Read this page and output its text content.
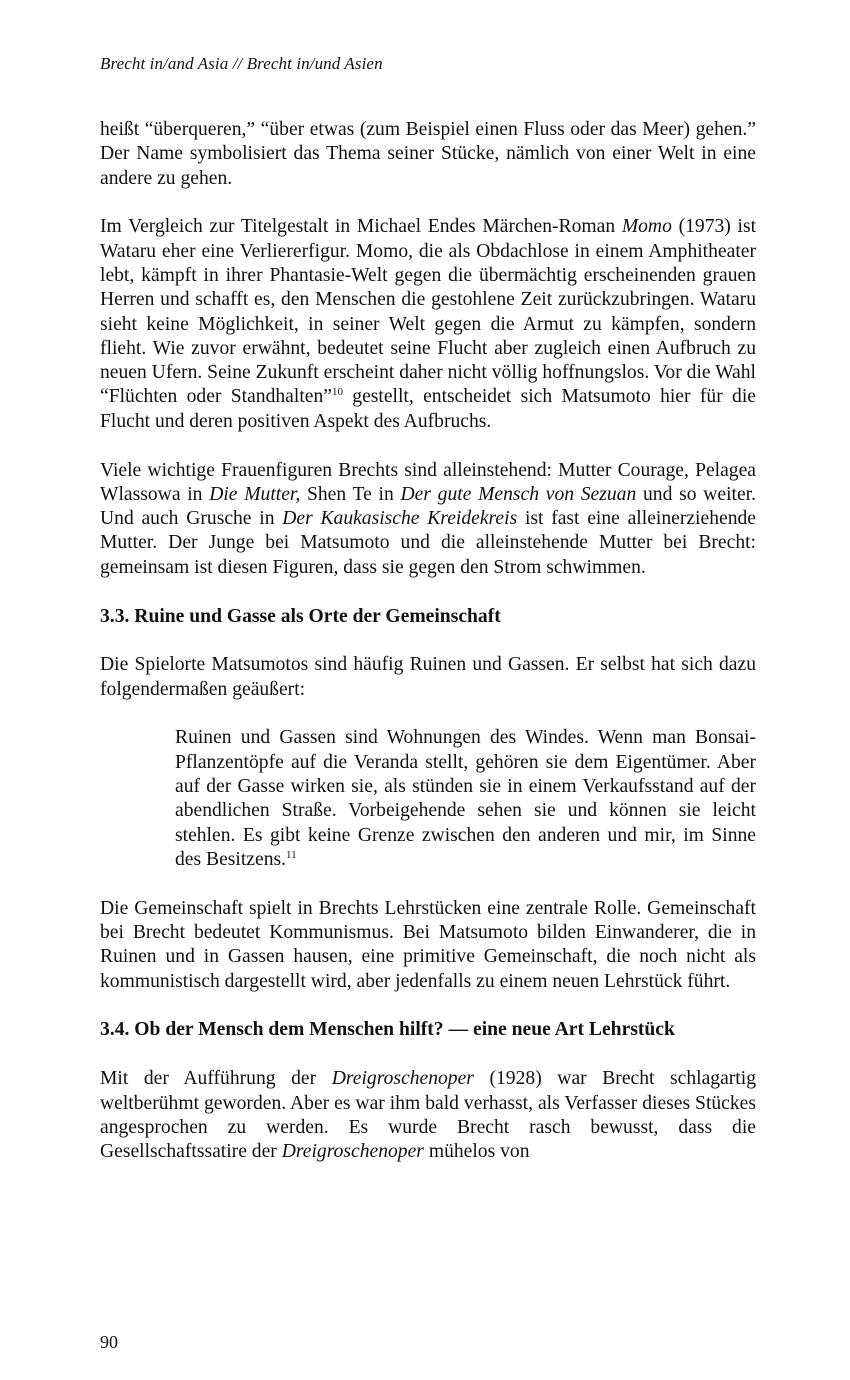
Brecht in/and Asia // Brecht in/und Asien

heißt “überqueren,” “über etwas (zum Beispiel einen Fluss oder das Meer) gehen.” Der Name symbolisiert das Thema seiner Stücke, nämlich von einer Welt in eine andere zu gehen.

Im Vergleich zur Titelgestalt in Michael Endes Märchen-Roman Momo (1973) ist Wataru eher eine Verliererfigur. Momo, die als Obdachlose in einem Amphitheater lebt, kämpft in ihrer Phantasie-Welt gegen die übermächtig erscheinenden grauen Herren und schafft es, den Menschen die gestohlene Zeit zurückzubringen. Wataru sieht keine Möglichkeit, in seiner Welt gegen die Armut zu kämpfen, sondern flieht. Wie zuvor erwähnt, bedeutet seine Flucht aber zugleich einen Aufbruch zu neuen Ufern. Seine Zukunft erscheint daher nicht völlig hoffnungslos. Vor die Wahl “Flüchten oder Standhalten”$^{10}$ gestellt, entscheidet sich Matsumoto hier für die Flucht und deren positiven Aspekt des Aufbruchs.

Viele wichtige Frauenfiguren Brechts sind alleinstehend: Mutter Courage, Pelagea Wlassowa in Die Mutter, Shen Te in Der gute Mensch von Sezuan und so weiter. Und auch Grusche in Der Kaukasische Kreidekreis ist fast eine alleinerziehende Mutter. Der Junge bei Matsumoto und die alleinstehende Mutter bei Brecht: gemeinsam ist diesen Figuren, dass sie gegen den Strom schwimmen.

3.3. Ruine und Gasse als Orte der Gemeinschaft

Die Spielorte Matsumotos sind häufig Ruinen und Gassen. Er selbst hat sich dazu folgendermaßen geäußert:

Ruinen und Gassen sind Wohnungen des Windes. Wenn man Bonsai-Pflanzentöpfe auf die Veranda stellt, gehören sie dem Eigentümer. Aber auf der Gasse wirken sie, als stünden sie in einem Verkaufsstand auf der abendlichen Straße. Vorbeigehende sehen sie und können sie leicht stehlen. Es gibt keine Grenze zwischen den anderen und mir, im Sinne des Besitzens.$^{11}$

Die Gemeinschaft spielt in Brechts Lehrstücken eine zentrale Rolle. Gemeinschaft bei Brecht bedeutet Kommunismus. Bei Matsumoto bilden Einwanderer, die in Ruinen und in Gassen hausen, eine primitive Gemeinschaft, die noch nicht als kommunistisch dargestellt wird, aber jedenfalls zu einem neuen Lehrstück führt.

3.4. Ob der Mensch dem Menschen hilft? — eine neue Art Lehrstück

Mit der Aufführung der Dreigroschenoper (1928) war Brecht schlagartig weltberühmt geworden. Aber es war ihm bald verhasst, als Verfasser dieses Stückes angesprochen zu werden. Es wurde Brecht rasch bewusst, dass die Gesellschaftssatire der Dreigroschenoper mühelos von

90
